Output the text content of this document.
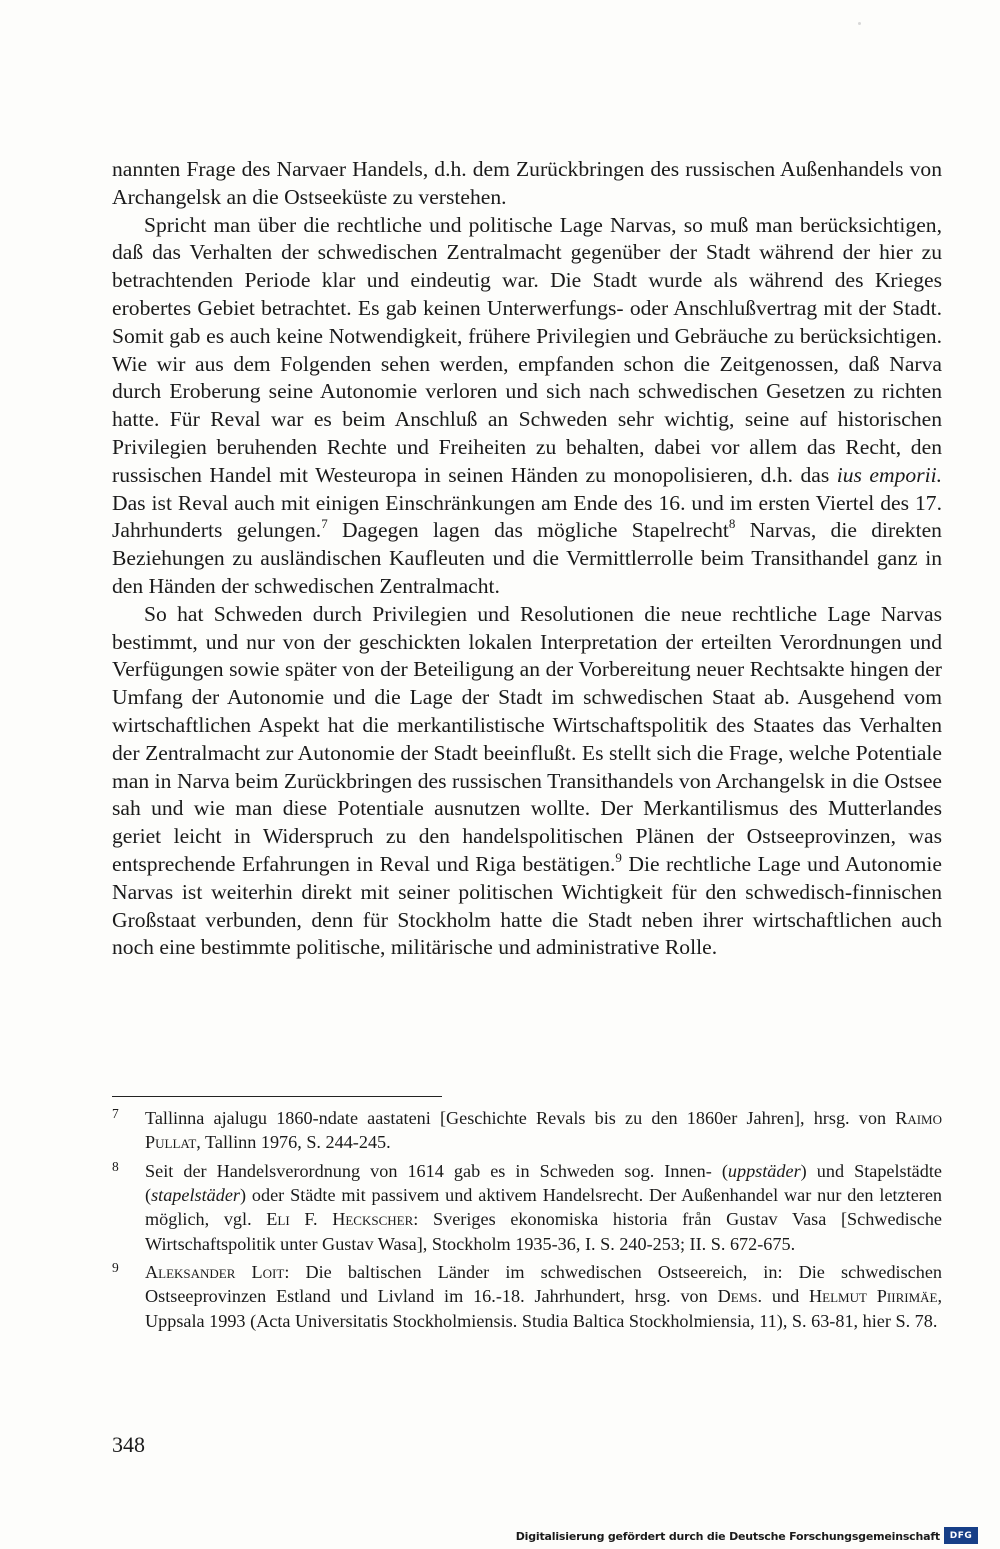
nannten Frage des Narvaer Handels, d.h. dem Zurückbringen des russischen Außenhandels von Archangelsk an die Ostseeküste zu verstehen.

Spricht man über die rechtliche und politische Lage Narvas, so muß man berücksichtigen, daß das Verhalten der schwedischen Zentralmacht gegenüber der Stadt während der hier zu betrachtenden Periode klar und eindeutig war. Die Stadt wurde als während des Krieges erobertes Gebiet betrachtet. Es gab keinen Unterwerfungs- oder Anschlußvertrag mit der Stadt. Somit gab es auch keine Notwendigkeit, frühere Privilegien und Gebräuche zu berücksichtigen. Wie wir aus dem Folgenden sehen werden, empfanden schon die Zeitgenossen, daß Narva durch Eroberung seine Autonomie verloren und sich nach schwedischen Gesetzen zu richten hatte. Für Reval war es beim Anschluß an Schweden sehr wichtig, seine auf historischen Privilegien beruhenden Rechte und Freiheiten zu behalten, dabei vor allem das Recht, den russischen Handel mit Westeuropa in seinen Händen zu monopolisieren, d.h. das ius emporii. Das ist Reval auch mit einigen Einschränkungen am Ende des 16. und im ersten Viertel des 17. Jahrhunderts gelungen.$^7$ Dagegen lagen das mögliche Stapelrecht$^8$ Narvas, die direkten Beziehungen zu ausländischen Kaufleuten und die Vermittlerrolle beim Transithandel ganz in den Händen der schwedischen Zentralmacht.

So hat Schweden durch Privilegien und Resolutionen die neue rechtliche Lage Narvas bestimmt, und nur von der geschickten lokalen Interpretation der erteilten Verordnungen und Verfügungen sowie später von der Beteiligung an der Vorbereitung neuer Rechtsakte hingen der Umfang der Autonomie und die Lage der Stadt im schwedischen Staat ab. Ausgehend vom wirtschaftlichen Aspekt hat die merkantilistische Wirtschaftspolitik des Staates das Verhalten der Zentralmacht zur Autonomie der Stadt beeinflußt. Es stellt sich die Frage, welche Potentiale man in Narva beim Zurückbringen des russischen Transithandels von Archangelsk in die Ostsee sah und wie man diese Potentiale ausnutzen wollte. Der Merkantilismus des Mutterlandes geriet leicht in Widerspruch zu den handelspolitischen Plänen der Ostseeprovinzen, was entsprechende Erfahrungen in Reval und Riga bestätigen.$^9$ Die rechtliche Lage und Autonomie Narvas ist weiterhin direkt mit seiner politischen Wichtigkeit für den schwedisch-finnischen Großstaat verbunden, denn für Stockholm hatte die Stadt neben ihrer wirtschaftlichen auch noch eine bestimmte politische, militärische und administrative Rolle.

7 Tallinna ajalugu 1860-ndate aastateni [Geschichte Revals bis zu den 1860er Jahren], hrsg. von Raimo Pullat, Tallinn 1976, S. 244-245.

8 Seit der Handelsverordnung von 1614 gab es in Schweden sog. Innen- (uppstäder) und Stapelstädte (stapelstäder) oder Städte mit passivem und aktivem Handelsrecht. Der Außenhandel war nur den letzteren möglich, vgl. Eli F. Heckscher: Sveriges ekonomiska historia från Gustav Vasa [Schwedische Wirtschaftspolitik unter Gustav Wasa], Stockholm 1935-36, I. S. 240-253; II. S. 672-675.

9 Aleksander Loit: Die baltischen Länder im schwedischen Ostseereich, in: Die schwedischen Ostseeprovinzen Estland und Livland im 16.-18. Jahrhundert, hrsg. von Dems. und Helmut Piirimäe, Uppsala 1993 (Acta Universitatis Stockholmiensis. Studia Baltica Stockholmiensia, 11), S. 63-81, hier S. 78.

348
Digitalisierung gefördert durch die Deutsche Forschungsgemeinschaft	DFG
